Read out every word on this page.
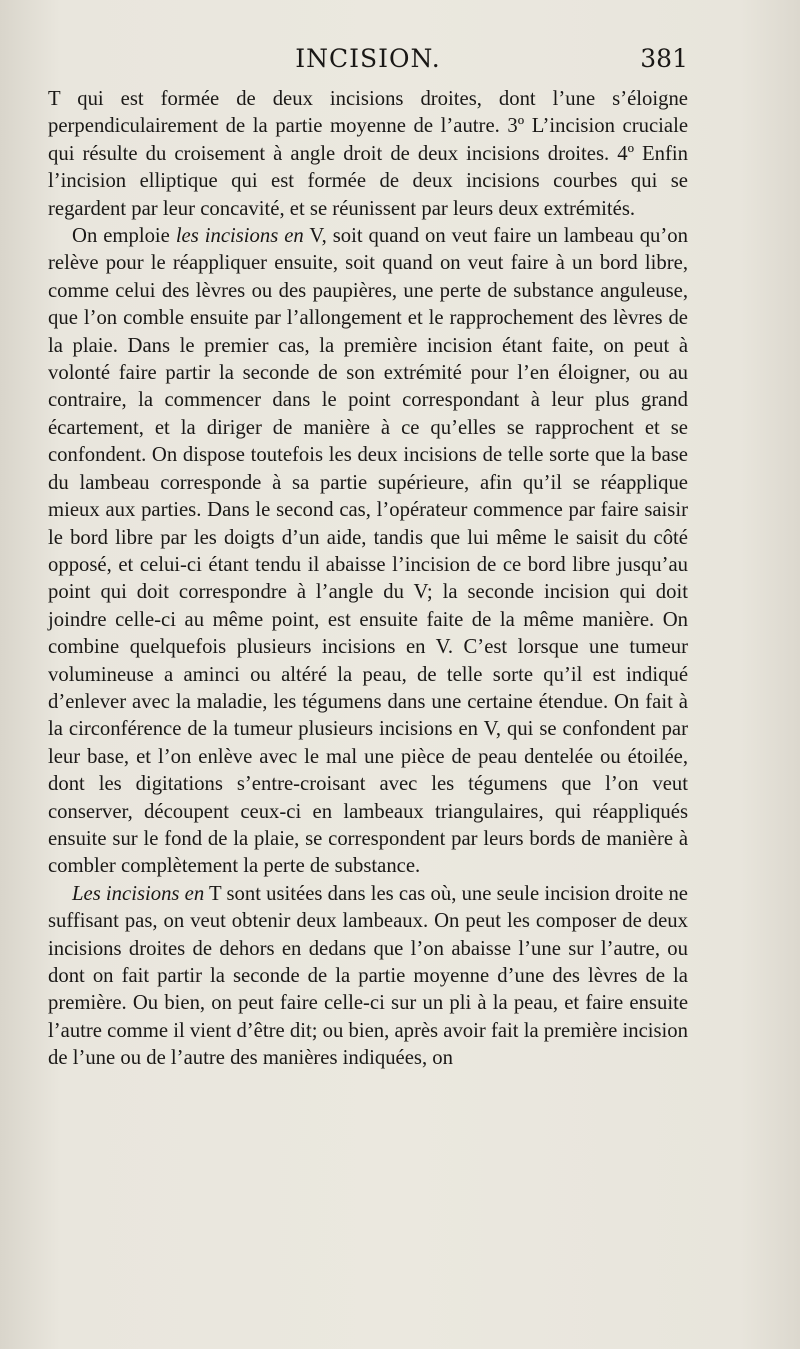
INCISION.	381

T qui est formée de deux incisions droites, dont l’une s’éloigne perpendiculairement de la partie moyenne de l’autre. 3º L’incision cruciale qui résulte du croisement à angle droit de deux incisions droites. 4º Enfin l’incision elliptique qui est formée de deux incisions courbes qui se regardent par leur concavité, et se réunissent par leurs deux extrémités.

On emploie les incisions en V, soit quand on veut faire un lambeau qu’on relève pour le réappliquer ensuite, soit quand on veut faire à un bord libre, comme celui des lèvres ou des paupières, une perte de substance anguleuse, que l’on comble ensuite par l’allongement et le rapprochement des lèvres de la plaie. Dans le premier cas, la première incision étant faite, on peut à volonté faire partir la seconde de son extrémité pour l’en éloigner, ou au contraire, la commencer dans le point correspondant à leur plus grand écartement, et la diriger de manière à ce qu’elles se rapprochent et se confondent. On dispose toutefois les deux incisions de telle sorte que la base du lambeau corresponde à sa partie supérieure, afin qu’il se réapplique mieux aux parties. Dans le second cas, l’opérateur commence par faire saisir le bord libre par les doigts d’un aide, tandis que lui même le saisit du côté opposé, et celui-ci étant tendu il abaisse l’incision de ce bord libre jusqu’au point qui doit correspondre à l’angle du V; la seconde incision qui doit joindre celle-ci au même point, est ensuite faite de la même manière. On combine quelquefois plusieurs incisions en V. C’est lorsque une tumeur volumineuse a aminci ou altéré la peau, de telle sorte qu’il est indiqué d’enlever avec la maladie, les tégumens dans une certaine étendue. On fait à la circonférence de la tumeur plusieurs incisions en V, qui se confondent par leur base, et l’on enlève avec le mal une pièce de peau dentelée ou étoilée, dont les digitations s’entre-croisant avec les tégumens que l’on veut conserver, découpent ceux-ci en lambeaux triangulaires, qui réappliqués ensuite sur le fond de la plaie, se correspondent par leurs bords de manière à combler complètement la perte de substance.

Les incisions en T sont usitées dans les cas où, une seule incision droite ne suffisant pas, on veut obtenir deux lambeaux. On peut les composer de deux incisions droites de dehors en dedans que l’on abaisse l’une sur l’autre, ou dont on fait partir la seconde de la partie moyenne d’une des lèvres de la première. Ou bien, on peut faire celle-ci sur un pli à la peau, et faire ensuite l’autre comme il vient d’être dit; ou bien, après avoir fait la première incision de l’une ou de l’autre des manières indiquées, on
